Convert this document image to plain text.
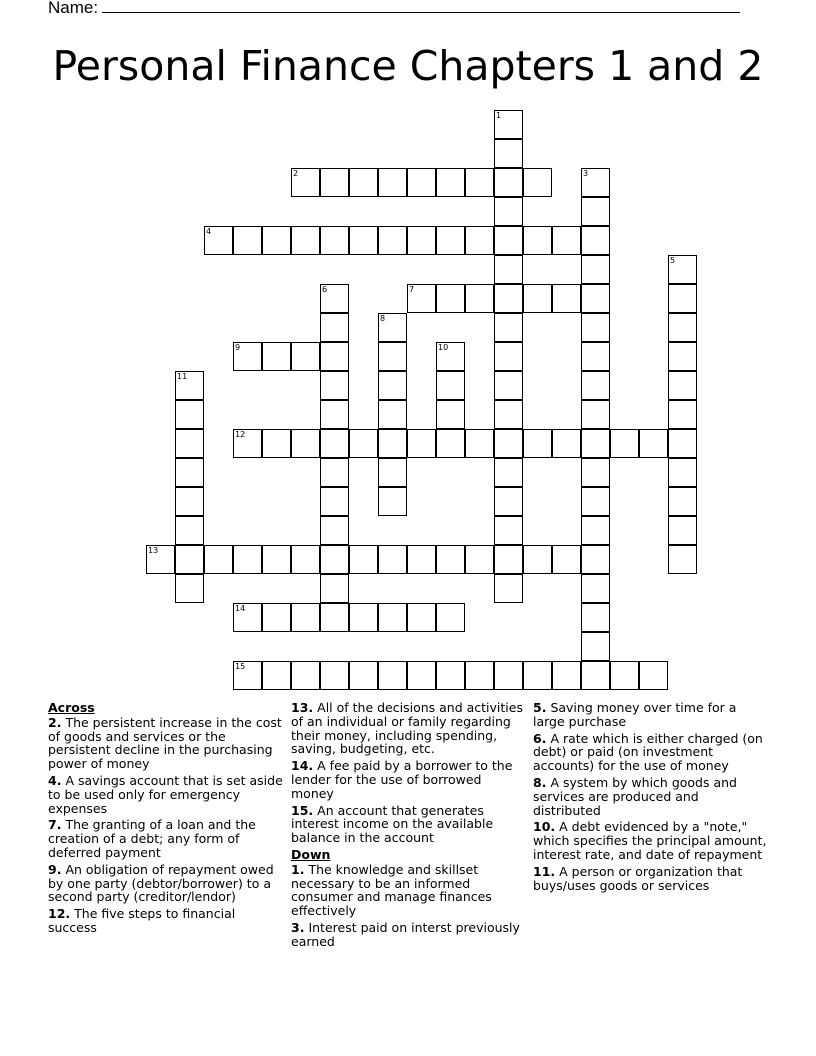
Name:
Personal Finance Chapters 1 and 2
1
2	3
4
5
6	7
8
9	10
11
12
13
14
15
Across
2. The persistent increase in the cost of goods and services or the persistent decline in the purchasing power of money
4. A savings account that is set aside to be used only for emergency expenses
7. The granting of a loan and the creation of a debt; any form of deferred payment
9. An obligation of repayment owed by one party (debtor/borrower) to a second party (creditor/lendor)
12. The five steps to financial success
13. All of the decisions and activities of an individual or family regarding their money, including spending, saving, budgeting, etc.
14. A fee paid by a borrower to the lender for the use of borrowed money
15. An account that generates interest income on the available balance in the account
Down
1. The knowledge and skillset necessary to be an informed consumer and manage finances effectively
3. Interest paid on interst previously earned
5. Saving money over time for a large purchase
6. A rate which is either charged (on debt) or paid (on investment accounts) for the use of money
8. A system by which goods and services are produced and distributed
10. A debt evidenced by a "note," which specifies the principal amount, interest rate, and date of repayment
11. A person or organization that buys/uses goods or services
